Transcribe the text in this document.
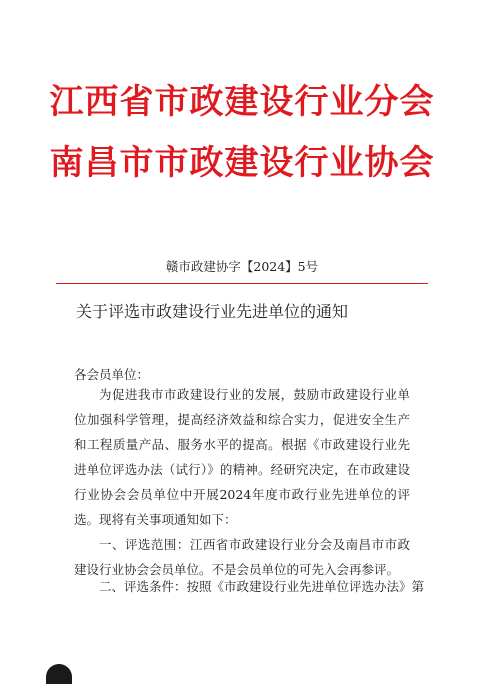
江西省市政建设行业分会
南昌市市政建设行业协会
赣市政建协字【2024】5号
关于评选市政建设行业先进单位的通知
各会员单位：
为促进我市市政建设行业的发展，鼓励市政建设行业单位加强科学管理，提高经济效益和综合实力，促进安全生产和工程质量产品、服务水平的提高。根据《市政建设行业先进单位评选办法（试行）》的精神。经研究决定，在市政建设行业协会会员单位中开展2024年度市政行业先进单位的评选。现将有关事项通知如下：
一、评选范围：江西省市政建设行业分会及南昌市市政建设行业协会会员单位。不是会员单位的可先入会再参评。
二、评选条件：按照《市政建设行业先进单位评选办法》第
